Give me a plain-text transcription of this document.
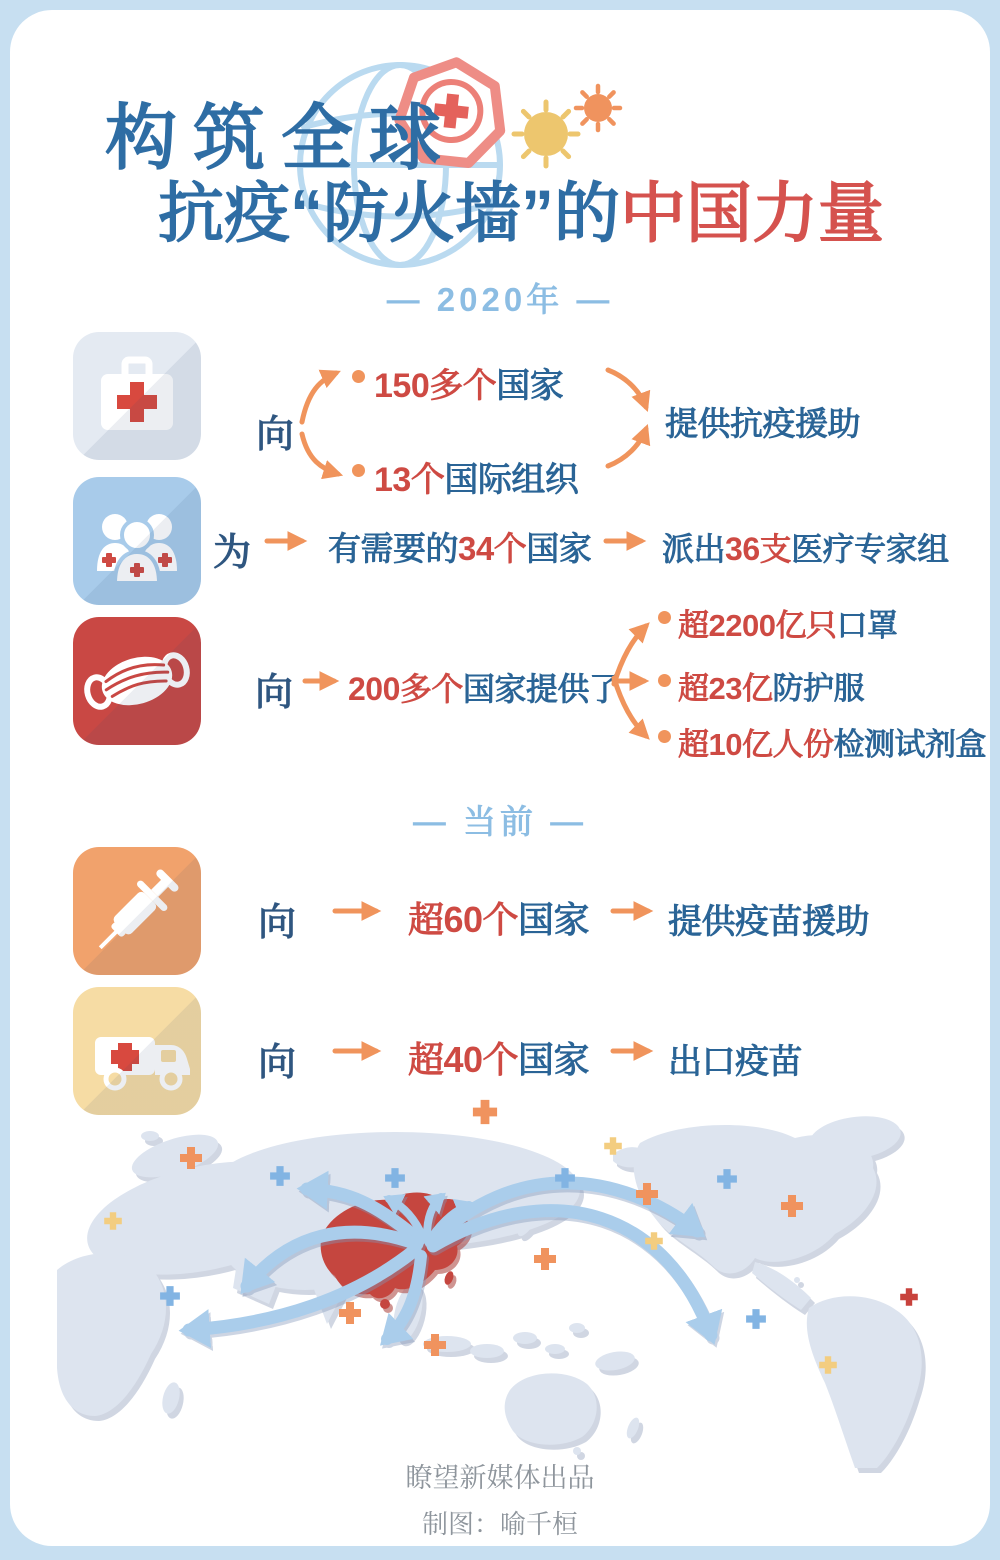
构筑全球
抗疫“防火墙”的中国力量
— 2020年 —
向
150多个国家
13个国际组织
提供抗疫援助
为 有需要的34个国家 派出36支医疗专家组
向 200多个国家提供了
超2200亿只口罩
超23亿防护服
超10亿人份检测试剂盒
— 当前 —
向	超60个国家 提供疫苗援助
向	超40个国家 出口疫苗
瞭望新媒体出品
制图：喻千桓
